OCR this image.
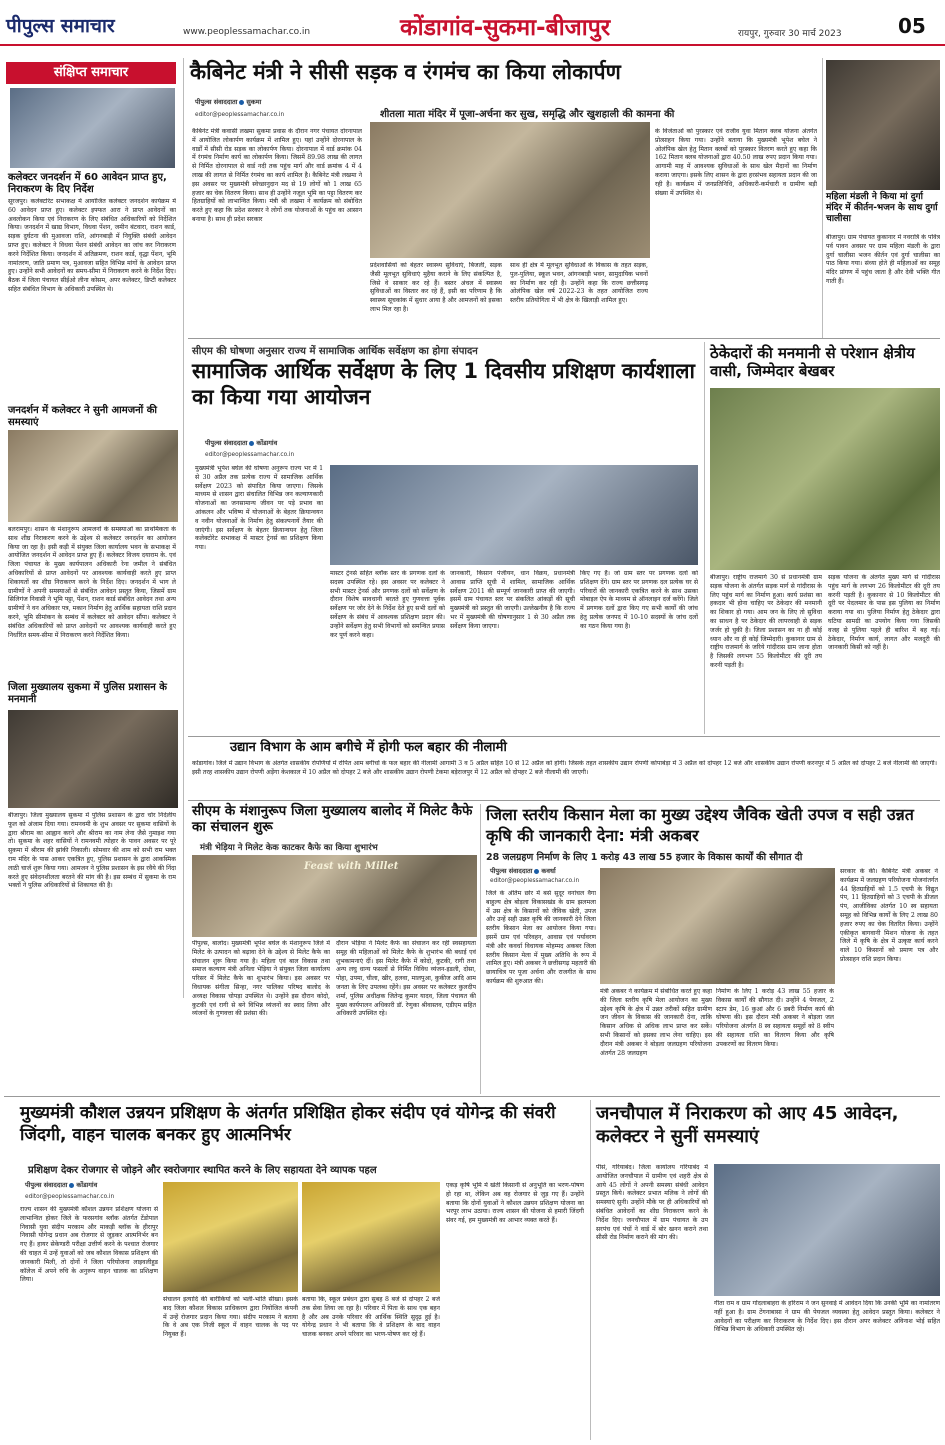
पीपुल्स समाचार	www.peoplessamachar.co.in	कोंडागांव-सुकमा-बीजापुर	रायपुर, गुरुवार 30 मार्च 2023	05
संक्षिप्त समाचार
कलेक्टर जनदर्शन में 60 आवेदन प्राप्त हुए, निराकरण के दिए निर्देश
सूरजपुर। कलेक्टोरेट सभाकक्ष में आयोजित कलेक्टर जनदर्शन कार्यक्रम में 60 आवेदन प्राप्त हुए। कलेक्टर इफ्फत आरा ने प्राप्त आवेदनों का अवलोकन किया एवं निराकरण के लिए संबंधित अधिकारियों को निर्देशित किया। जनदर्शन में खाद्य विभाग, विधवा पेंशन, जमीन बंटवारा, राशन कार्ड, सड़क दुर्घटना की मुआवजा राशि, आंगनबाड़ी में नियुक्ति संबंधी आवेदन प्राप्त हुए। कलेक्टर ने विधवा पेंशन संबंधी आवेदन का जांच कर निराकरण करने निर्देशित किया। जनदर्शन में अतिक्रमण, राशन कार्ड, वृद्धा पेंशन, भूमि नामांतरण, जाति प्रमाण पत्र, मुआवजा सहित विभिन्न मांगों के आवेदन प्राप्त हुए। उन्होंने सभी आवेदनों का समय-सीमा में निराकरण करने के निर्देश दिए। बैठक में जिला पंचायत सीईओ लीना कोसम, अपर कलेक्टर, डिप्टी कलेक्टर सहित संबंधित विभाग के अधिकारी उपस्थित थे।
जनदर्शन में कलेक्टर ने सुनी आमजनों की समस्याएं
बलरामपुर। शासन के मंशानुरूप आमजनों के समस्याओं का प्राथमिकता के साथ शीघ्र निराकरण करने के उद्देश्य से कलेक्टर जनदर्शन का आयोजन किया जा रहा है। इसी कड़ी में संयुक्त जिला कार्यालय भवन के सभाकक्ष में आयोजित जनदर्शन में आवेदन प्राप्त हुए हैं। कलेक्टर विजय दयाराम के. एवं जिला पंचायत के मुख्य कार्यपालन अधिकारी रेना जमील ने संबंधित अधिकारियों से प्राप्त आवेदनों पर आवश्यक कार्यवाही करते हुए प्राप्त शिकायतों का शीघ्र निराकरण करने के निर्देश दिए। जनदर्शन में भाग ले ग्रामीणों ने अपनी समस्याओं से संबंधित आवेदन प्रस्तुत किया, जिसमें ग्राम सिलिगंज निवासी ने भूमि पट्टा, पेंशन, राशन कार्ड संबंधित आवेदन तथा अन्य ग्रामीणों ने वन अधिकार पत्र, मकान निर्माण हेतु आर्थिक सहायता राशि प्रदान करने, भूमि सीमांकन के सम्बंध में कलेक्टर को आवेदन सौंपा। कलेक्टर ने संबंधित अधिकारियों को प्राप्त आवेदनों पर आवश्यक कार्यवाही करते हुए निर्धारित समय-सीमा में निराकरण करने निर्देशित किया।
जिला मुख्यालय सुकमा में पुलिस प्रशासन के मनमानी
बीजापुर। जिला मुख्यालय सुकमा में पुलिस प्रशासन के द्वारा चोर निर्दलीय फूल को अंजाम दिया गया। रामनवमी के शुभ अवसर पर सुकमा वासियों के द्वारा श्रीराम का आह्वान करने और श्रीराम का नाम लेना जैसे नुमाइश गया तो। सुकमा के शहर वासियों ने रामनवमी त्योहार के पावन अवसर पर पूरे सुकमा में श्रीराम की झांकी निकाली। सोमवार की शाम को सभी राम भक्त राम मंदिर के पास आकर एकत्रित हुए, पुलिस प्रशासन के द्वारा आकस्मिक लाठी चार्ज शुरू किया गया। आमजन ने पुलिस प्रशासन के इस रवैये की निंदा करते हुए संवेदनशीलता बरतने की मांग की है। इस सम्बंध में सुकमा के राम भक्तों ने पुलिस अधिकारियों से शिकायत की है।
कैबिनेट मंत्री ने सीसी सड़क व रंगमंच का किया लोकार्पण
पीपुल्स संवाददाता सुकमा
editor@peoplessamachar.co.in	शीतला माता मंदिर में पूजा-अर्चना कर सुख, समृद्धि और खुशहाली की कामना की
कैबिनेट मंत्री कवासी लखमा सुकमा प्रवास के दौरान नगर पंचायत दोरनापाल में आयोजित लोकार्पण कार्यक्रम में शामिल हुए। यहां उन्होंने दोरनापाल के वार्डों में सीसी रोड सड़क का लोकार्पण किया। दोरनापाल में वार्ड क्रमांक 04 में रंगमंच निर्माण कार्य का लोकार्पण किया। जिसमें 89.98 लाख की लागत से निर्मित दोरनापाल से वार्ड नदी तक पहुंच मार्ग और वार्ड क्रमांक 4 में 4 लाख की लागत से निर्मित रंगमंच का कार्य शामिल है। कैबिनेट मंत्री लखमा ने इस अवसर पर मुख्यमंत्री स्वेच्छानुदान मद से 19 लोगों को 1 लाख 65 हजार का चेक वितरण किया। साथ ही उन्होंने नजूल भूमि का पट्टा वितरण कर हितग्राहियों को लाभान्वित किया। मंत्री श्री लखमा ने कार्यक्रम को संबोधित करते हुए कहा कि प्रदेश सरकार ने लोगों तक योजनाओं के पहुंच का आसान बनाया है। साथ ही प्रदेश सरकार
प्रदेशवासियों को बेहतर स्वास्थ्य सुविधाएं, बिजली, सड़क जैसी मूलभूत सुविधाएं मुहैया कराने के लिए संकल्पित है, जिसे वे साकार कर रहे हैं। बस्तर अंचल में स्वास्थ्य सुविधाओं का विस्तार कर रहे हैं, इसी का परिणाम है कि स्वास्थ्य सूचकांक में सुधार आया है और आमजनों को इसका लाभ मिल रहा है।
साथ ही क्षेत्र में मूलभूत सुविधाओं के विकास के तहत सड़क, पुल-पुलिया, स्कूल भवन, आंगनबाड़ी भवन, सामुदायिक भवनों का निर्माण कर रही है। उन्होंने कहा कि राज्य छत्तीसगढ़ ओलंपिक खेल वर्ष 2022-23 के तहत आयोजित राज्य स्तरीय प्रतियोगिता में भी क्षेत्र के खिलाड़ी शामिल हुए।
के विजेताओं को पुरस्कार एवं राजीव युवा मितान क्लब योजना अंतर्गत प्रोत्साहन किया गया। उन्होंने बताया कि मुख्यमंत्री भूपेश बघेल ने ओलंपिक खेल हेतु मितान क्लबों को पुरस्कार वितरण करते हुए कहा कि 162 मितान क्लब योजनाओं द्वारा 40.50 लाख रुपए प्रदान किया गया। आगामी माह में आवश्यक सुविधाओं के साथ खेल मैदानों का निर्माण कराया जाएगा। इसके लिए शासन के द्वारा हरसंभव सहायता प्रदान की जा रही है। कार्यक्रम में जनप्रतिनिधि, अधिकारी-कर्मचारी व ग्रामीण बड़ी संख्या में उपस्थित थे।	महिला मंडली ने किया मां दुर्गा मंदिर में कीर्तन-भजन के साथ दुर्गा चालीसा
बीजापुर। ग्राम पंचायत कुकानार में नवरात्रि के पवित्र पर्व पावन अवसर पर ग्राम महिला मंडली के द्वारा दुर्गा चालीसा भजन कीर्तन एवं दुर्गा चालीसा का पाठ किया गया। संध्या होते ही महिलाओं का समूह मंदिर प्रांगण में पहुंच जाता है और देवी भक्ति गीत गाती हैं।
सीएम की घोषणा अनुसार राज्य में सामाजिक आर्थिक सर्वेक्षण का होगा संपादन
सामाजिक आर्थिक सर्वेक्षण के लिए 1 दिवसीय प्रशिक्षण कार्यशाला का किया गया आयोजन
पीपुल्स संवाददाता कोंडागांव
editor@peoplessamachar.co.in
मुख्यमंत्री भूपेश बघेल की घोषणा अनुरूप राज्य भर में 1 से 30 अप्रैल तक प्रत्येक राज्य में सामाजिक आर्थिक सर्वेक्षण 2023 को संपादित किया जाएगा। जिसके माध्यम से शासन द्वारा संचालित विभिन्न जन कल्याणकारी योजनाओं का जनसामान्य जीवन पर पड़े प्रभाव का आंकलन और भविष्य में योजनाओं के बेहतर क्रियान्वयन व नवीन योजनाओं के निर्माण हेतु संकल्पनायें तैयार की जाएंगी। इस सर्वेक्षण के बेहतर क्रियान्वयन हेतु जिला कलेक्टोरेट सभाकक्ष में मास्टर ट्रेनर्स का प्रशिक्षण किया गया।
मास्टर ट्रेनर्स सहित ब्लॉक स्तर के प्रगणक दलों के सदस्य उपस्थित रहे। इस अवसर पर कलेक्टर ने सभी मास्टर ट्रेनर्स और प्रगणक दलों को सर्वेक्षण के दौरान विशेष सावधानी बरतते हुए गुणवत्ता पूर्वक सर्वेक्षण पर जोर देने के निर्देश देते हुए सभी दलों को सर्वेक्षण के संबंध में आवश्यक प्रशिक्षण प्रदान की। उन्होंने सर्वेक्षण हेतु सभी विभागों को समन्वित प्रयास कर पूर्ण करने कहा।
जानकारी, किसान पंजीयन, धान विक्रय, प्रधानमंत्री आवास प्राप्ति सूची में शामिल, सामाजिक आर्थिक सर्वेक्षण 2011 की सम्पूर्ण जानकारी प्राप्त की जाएगी। इसमें ग्राम पंचायत स्तर पर संकलित आंकड़ों की सूची मुख्यमंत्री को प्रस्तुत की जाएगी। उल्लेखनीय है कि राज्य भर में मुख्यमंत्री की घोषणानुसार 1 से 30 अप्रैल तक सर्वेक्षण किया जाएगा।
किए गए हैं। जो ग्राम स्तर पर प्रगणक दलों को प्रशिक्षण देंगे। ग्राम स्तर पर प्रगणक दल प्रत्येक घर से परिवारों की जानकारी एकत्रित करने के साथ उसका मोबाइल ऐप के माध्यम से ऑनलाइन दर्ज करेंगे। जिले में प्रगणक दलों द्वारा किए गए सभी कार्यों की जांच हेतु प्रत्येक जनपद में 10-10 सदस्यों के जांच दलों का गठन किया गया है।
ठेकेदारों की मनमानी से परेशान क्षेत्रीय वासी, जिम्मेदार बेखबर
बीजापुर। राष्ट्रीय राजमार्ग 30 से प्रधानमंत्री ग्राम सड़क योजना के अंतर्गत सड़क मार्ग से गांदीरास के लिए पहुंच मार्ग का निर्माण हुआ। कार्य प्रशंसा का हकदार भी होना चाहिए पर ठेकेदार की मनमानी का शिकार हो गया। आम जन के लिए तो सुविधा का साधन है पर ठेकेदार की लापरवाही से सड़क जर्जर हो चुकी है। जिला प्रशासन का ना ही कोई ध्यान और ना ही कोई जिम्मेदारी। कुकानार ग्राम से राष्ट्रीय राजमार्ग के जरिये गांदीरास ग्राम जाना होता है जिसकी लगभग 55 किलोमीटर की दूरी तय करनी पड़ती है।
सड़क योजना के अंतर्गत मुख्य मार्ग से गांदीरास पहुंच मार्ग के लगभग 26 किलोमीटर की दूरी तय करनी पड़ती है। कुकानार से 10 किलोमीटर की दूरी पर पेदलमार के पास इस पुलिया का निर्माण कराया गया था। पुलिया निर्माण हेतु ठेकेदार द्वारा घटिया सामग्री का उपयोग किया गया जिसकी वजह से पुलिया पहले ही बारिश में बह गई। ठेकेदार, निर्माण कार्य, लागत और मजदूरी की जानकारी किसी को नहीं है।
उद्यान विभाग के आम बगीचे में होगी फल बहार की नीलामी
कोंडागांव। जिले में उद्यान विभाग के अंतर्गत शासकीय रोपणियों में रोपित आम बगीचों के फल बहार की नीलामी आगामी 3 व 5 अप्रैल सहित 10 से 12 अप्रैल को होगी। जिसके तहत शासकीय उद्यान रोपणी कोपाबेड़ा में 3 अप्रैल को दोपहर 12 बजे और शासकीय उद्यान रोपणी करनपुर में 5 अप्रैल को दोपहर 2 बजे नीलामी की जाएगी। इसी तरह शासकीय उद्यान रोपणी अड़ेंगा केशकाल में 10 अप्रैल को दोपहर 2 बजे और शासकीय उद्यान रोपणी टेकमा बड़ेराजपुर में 12 अप्रैल को दोपहर 2 बजे नीलामी की जाएगी।
सीएम के मंशानुरूप जिला मुख्यालय बालोद में मिलेट कैफे का संचालन शुरू
मंत्री भेड़िया ने मिलेट केक काटकर कैफे का किया शुभारंभ
Feast with Millet
पीपुल्स, बालोद। मुख्यमंत्री भूपेश बघेल के मंशानुरूप जिले में मिलेट के उत्पादन को बढ़ावा देने के उद्देश्य से मिलेट कैफे का संचालन शुरू किया गया है। महिला एवं बाल विकास तथा समाज कल्याण मंत्री अनिला भेड़िया ने संयुक्त जिला कार्यालय परिसर में मिलेट कैफे का शुभारंभ किया। इस अवसर पर विधायक संगीता सिन्हा, नगर पालिका परिषद बालोद के अध्यक्ष विकास चोपड़ा उपस्थित थे। उन्होंने इस दौरान कोदो, कुटकी एवं रागी से बने विभिन्न व्यंजनों का स्वाद लिया और व्यंजनों के गुणवत्ता की प्रशंसा की।
दौरान भेड़िया ने मिलेट कैफे का संचालन कर रही स्वसहायता समूह की महिलाओं को मिलेट कैफे के शुभारंभ की बधाई एवं शुभकामनाएं दीं। इस मिलेट कैफे में कोदो, कुटकी, रागी तथा अन्य लघु धान्य फसलों से निर्मित विविध व्यंजन-इडली, दोसा, पोहा, उपमा, चीला, खीर, हलवा, मालपुआ, कुकीज आदि आम जनता के लिए उपलब्ध रहेंगे। इस अवसर पर कलेक्टर कुलदीप शर्मा, पुलिस अधीक्षक जितेन्द्र कुमार यादव, जिला पंचायत की मुख्य कार्यपालन अधिकारी डॉ. रेणुका श्रीवास्तव, एडीएम सहित अधिकारी उपस्थित रहे।
जिला स्तरीय किसान मेला का मुख्य उद्देश्य जैविक खेती उपज व सही उन्नत कृषि की जानकारी देना: मंत्री अकबर
28 जलग्रहण निर्माण के लिए 1 करोड़ 43 लाख 55 हजार के विकास कार्यों की सौगात दी
पीपुल्स संवाददाता कवर्धा
editor@peoplessamachar.co.in
जिले के अंतिम छोर में बसे सुदूर वनांचल वैगा बाहुल्य क्षेत्र बोड़ला विकासखंड के ग्राम झलमला में उस क्षेत्र के किसानों को जैविक खेती, उपज और उन्हें सही उन्नत कृषि की जानकारी देने जिला स्तरीय किसान मेला का आयोजन किया गया। इसमें ग्राम एवं परिवहन, आवास एवं पर्यावरण मंत्री और कवर्धा विधायक मोहम्मद अकबर जिला स्तरीय किसान मेला में मुख्य अतिथि के रूप में शामिल हुए। मंत्री अकबर ने छत्तीसगढ़ महतारी की छायाचित्र पर पूजा अर्चना और राजगीत के साथ कार्यक्रम की शुरुआत की।
मंत्री अकबर ने कार्यक्रम में संबोधित करते हुए कहा की जिला स्तरीय कृषि मेला आयोजन का मुख्य उद्देश्य कृषि के क्षेत्र में उन्नत तरीकों सहित ग्रामीण जन जीवन के विकास की जानकारी देना, ताकि किसान अधिक से अधिक लाभ प्राप्त कर सकें। सभी किसानों को इसका लाभ लेना चाहिए। इस दौरान मंत्री अकबर ने बोड़ला जलग्रहण परियोजना अंतर्गत 28 जलग्रहण
निर्माण के लिए 1 करोड़ 43 लाख 55 हजार के विकास कार्यों की सौगात दी। उन्होंने 4 पेयजल, 2 स्टाप डेम, 16 कुआं और 6 डबरी निर्माण कार्य की घोषणा की। इस दौरान मंत्री अकबर ने बोड़ला जल परियोजना अंतर्गत 8 स्व सहायता समूहों को 8 स्वीप की सहायता राशि का वितरण किया और कृषि उपकरणों का वितरण किया।
सरकार के की। कैबिनेट मंत्री अकबर ने कार्यक्रम में जलग्रहण परियोजना योजनांतर्गत 44 हितग्राहियों को 1.5 एचपी के विद्युत पंप, 11 हितग्राहियों को 3 एचपी के डीजल पंप, आजीविका अंतर्गत 10 स्व सहायता समूह को विभिन्न कार्यों के लिए 2 लाख 80 हजार रुपए का चेक वितरित किया। उन्होंने एकीकृत बागवानी मिशन योजना के तहत जिले में कृषि के क्षेत्र में उत्कृष्ट कार्य करने वाले 10 किसानों को प्रमाण पत्र और प्रोत्साहन राशि प्रदान किया।
मुख्यमंत्री कौशल उन्नयन प्रशिक्षण के अंतर्गत प्रशिक्षित होकर संदीप एवं योगेन्द्र की संवरी जिंदगी, वाहन चालक बनकर हुए आत्मनिर्भर
प्रशिक्षण देकर रोजगार से जोड़ने और स्वरोजगार स्थापित करने के लिए सहायता देने व्यापक पहल
पीपुल्स संवाददाता कोंडागांव
editor@peoplessamachar.co.in
राज्य शासन की मुख्यमंत्री कौशल उन्नयन प्रशिक्षण योजना से लाभान्वित होकर जिले के फरसगांव ब्लॉक अंतर्गत टेंडोपाल निवासी युवा संदीप मरकाम और माकड़ी ब्लॉक के हीरापुर निवासी योगेन्द्र प्रधान अब रोजगार से जुड़कर आत्मनिर्भर बन गए हैं। हायर सेकेण्डरी परीक्षा उत्तीर्ण करने के पश्चात रोजगार की चाहत में उन्हें युवाओं को जब कौशल विकास प्रशिक्षण की जानकारी मिली, तो दोनों ने जिला परियोजना लाइवलीहुड कॉलेज में अपने रुचि के अनुरूप वाहन चालक का प्रशिक्षण लिया।
संचालन इत्यादि की बारीकियों को भली-भांति सीखा। इसके बाद जिला कौशल विकास प्राधिकरण द्वारा नियोजित कंपनी में उन्हें रोजगार प्रदान किया गया। संदीप मरकाम ने बताया कि वे अब एक निजी स्कूल में वाहन चालक के पद पर नियुक्त हैं।
बताया कि, स्कूल प्रबंधन द्वारा सुबह 8 बजे से दोपहर 2 बजे तक सेवा लिया जा रहा है। परिवार में पिता के साथ एक बहन है और अब उनके परिवार की आर्थिक स्थिति सुदृढ़ हुई है। योगेन्द्र प्रधान ने भी बताया कि वे प्रशिक्षण के बाद वाहन चालक बनकर अपने परिवार का भरण-पोषण कर रहे हैं।
एकड़ कृषि भूमि में खेती किसानी से अनुभूति का भरण-पोषण हो रहा था, लेकिन अब वह रोजगार से जुड़ गए हैं। उन्होंने बताया कि दोनों युवाओं ने कौशल उन्नयन प्रशिक्षण योजना का भरपूर लाभ उठाया। राज्य शासन की योजना से हमारी जिंदगी संवर गई, हम मुख्यमंत्री का आभार व्यक्त करते हैं।
जनचौपाल में निराकरण को आए 45 आवेदन, कलेक्टर ने सुनीं समस्याएं
पीसं, गरियाबंद। जिला कार्यालय गरियाबंद में आयोजित जनचौपाल में ग्रामीण एवं शहरी क्षेत्र से आये 45 लोगों ने अपनी समस्या संबंधी आवेदन प्रस्तुत किये। कलेक्टर प्रभात मलिक ने लोगों की समस्याएं सुनी। उन्होंने मौके पर ही अधिकारियों को संबंधित आवेदनों का शीघ्र निराकरण करने के निर्देश दिए। जनचौपाल में ग्राम पंचायत के उप सरपंच एवं पंचों ने वार्ड में बोर खनन कराने तथा सीसी रोड निर्माण कराने की मांग की।
गीता राम व ग्राम गोंदलाबाहरा के हरिराम ने जन सुनवाई में आवेदन दिया कि उनकी भूमि का नामांतरण नहीं हुआ है। ग्राम टेंगनाबासा ने ग्राम की पेयजल व्यवस्था हेतु आवेदन प्रस्तुत किया। कलेक्टर ने आवेदनों का परीक्षण कर निराकरण के निर्देश दिए। इस दौरान अपर कलेक्टर अविनाश भोई सहित विभिन्न विभाग के अधिकारी उपस्थित रहे।
